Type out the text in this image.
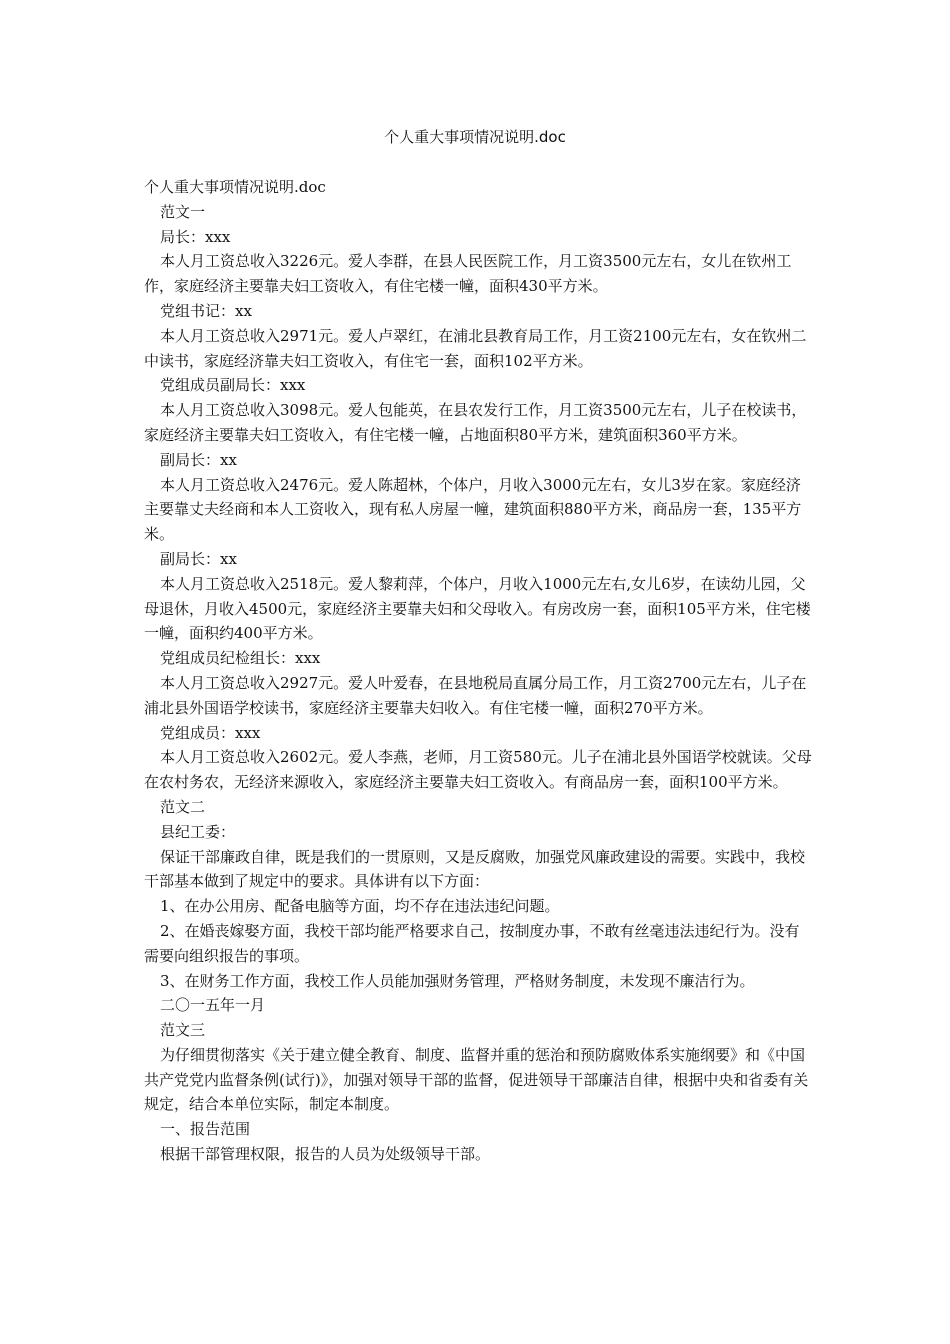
个人重大事项情况说明.doc

个人重大事项情况说明.doc

范文一

局长：xxx

本人月工资总收入3226元。爱人李群，在县人民医院工作，月工资3500元左右，女儿在钦州工作，家庭经济主要靠夫妇工资收入，有住宅楼一幢，面积430平方米。

党组书记：xx

本人月工资总收入2971元。爱人卢翠红，在浦北县教育局工作，月工资2100元左右，女在钦州二中读书，家庭经济靠夫妇工资收入，有住宅一套，面积102平方米。

党组成员副局长：xxx

本人月工资总收入3098元。爱人包能英，在县农发行工作，月工资3500元左右，儿子在校读书，家庭经济主要靠夫妇工资收入，有住宅楼一幢，占地面积80平方米，建筑面积360平方米。

副局长：xx

本人月工资总收入2476元。爱人陈超林，个体户，月收入3000元左右，女儿3岁在家。家庭经济主要靠丈夫经商和本人工资收入，现有私人房屋一幢，建筑面积880平方米，商品房一套，135平方米。

副局长：xx

本人月工资总收入2518元。爱人黎莉萍，个体户，月收入1000元左右,女儿6岁，在读幼儿园，父母退休，月收入4500元，家庭经济主要靠夫妇和父母收入。有房改房一套，面积105平方米，住宅楼一幢，面积约400平方米。

党组成员纪检组长：xxx

本人月工资总收入2927元。爱人叶爱春，在县地税局直属分局工作，月工资2700元左右，儿子在浦北县外国语学校读书，家庭经济主要靠夫妇收入。有住宅楼一幢，面积270平方米。

党组成员：xxx

本人月工资总收入2602元。爱人李燕，老师，月工资580元。儿子在浦北县外国语学校就读。父母在农村务农，无经济来源收入，家庭经济主要靠夫妇工资收入。有商品房一套，面积100平方米。

范文二

县纪工委：

保证干部廉政自律，既是我们的一贯原则，又是反腐败，加强党风廉政建设的需要。实践中，我校干部基本做到了规定中的要求。具体讲有以下方面：

1、在办公用房、配备电脑等方面，均不存在违法违纪问题。

2、在婚丧嫁娶方面，我校干部均能严格要求自己，按制度办事，不敢有丝毫违法违纪行为。没有需要向组织报告的事项。

3、在财务工作方面，我校工作人员能加强财务管理，严格财务制度，未发现不廉洁行为。

二〇一五年一月

范文三

为仔细贯彻落实《关于建立健全教育、制度、监督并重的惩治和预防腐败体系实施纲要》和《中国共产党党内监督条例(试行)》，加强对领导干部的监督，促进领导干部廉洁自律，根据中央和省委有关规定，结合本单位实际，制定本制度。

一、报告范围

根据干部管理权限，报告的人员为处级领导干部。
